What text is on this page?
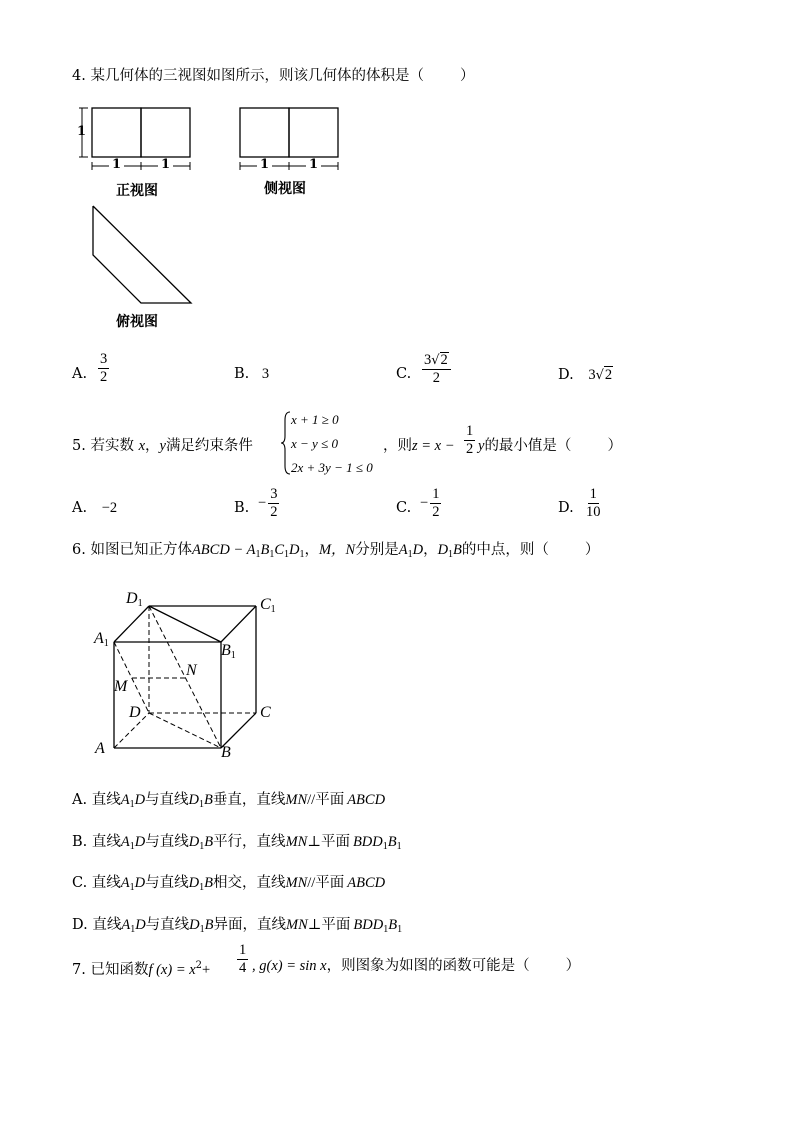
4. 某几何体的三视图如图所示，则该几何体的体积是（ ）
1
1	1
正视图
1	1
侧视图
俯视图
A. $\frac{3}{2}$	B. 3	C. $\frac{3√2}{2}$	D. 3√2
5. 若实数 x，y满足约束条件
x + 1 ≥ 0
x − y ≤ 0
2x + 3y − 1 ≤ 0
，则$z = x - \frac{1}{2}$ y的最小值是（ ）
A. −2	B. − $\frac{3}{2}$	C. − $\frac{1}{2}$	D. $\frac{1}{10}$
6. 如图已知正方体ABCD − $A_1B_1C_1D_1$，M，N分别是$A_1D$，$D_1B$的中点，则（ ）
$D_1$	$C_1$
$A_1$	$B_1$
N
M
D	C
A	B
A. 直线$A_1D$与直线$D_1B$垂直，直线MN//平面 ABCD
B. 直线$A_1D$与直线$D_1B$平行，直线MN⊥平面 $BDD_1B_1$
C. 直线$A_1D$与直线$D_1B$相交，直线MN//平面 ABCD
D. 直线$A_1D$与直线$D_1B$异面，直线MN⊥平面 $BDD_1B_1$
7. 已知函数f $(x) = x^2+ \frac{1}{4}$ , g(x) = sin x，则图象为如图的函数可能是（ ）
